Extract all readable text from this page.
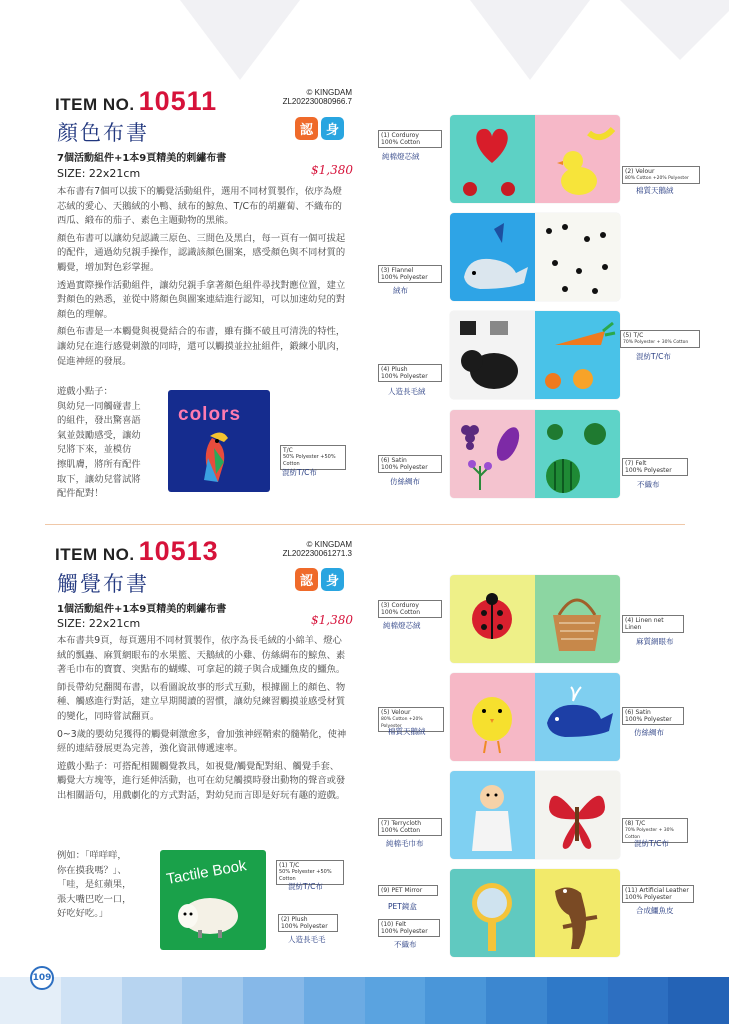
ITEM NO. 10511	© KINGDAM
ZL202230080966.7
顏色布書	認 身
7個活動組件+1本9頁精美的刺繡布書
SIZE: 22x21cm	$1,380

本布書有7個可以拔下的觸覺活動組件，選用不同材質製作，依序為燈芯絨的愛心、天鵝絨的小鴨、絨布的鯨魚、T/C布的胡蘿蔔、不織布的西瓜、緞布的茄子、素色主題動物的黑熊。

顏色布書可以讓幼兒認識三原色、三間色及黑白，每一頁有一個可拔起的配件，通過幼兒親手操作，認識該顏色圖案，感受顏色與不同材質的觸覺，增加對色彩掌握。

透過實際操作活動組件，讓幼兒親手拿著顏色組件尋找對應位置，建立對顏色的熟悉，並從中將顏色與圖案連結進行認知，可以加速幼兒的對顏色的理解。

顏色布書是一本觸覺與視覺結合的布書，雖有撕不破且可清洗的特性，讓幼兒在進行感覺刺激的同時，還可以觸摸並拉扯組件，鍛練小肌肉，促進神經的發展。

遊戲小點子：
與幼兒一同觸碰書上
的組件，發出驚喜語
氣並鼓勵感受，讓幼
兒將下來，並模仿
擦肌膚，將所有配件
取下，讓幼兒嘗試將
配件配對！
colors
T/C
50% Polyester +50% Cotton
混紡T/C布
(1) Corduroy
100% Cotton
純棉燈芯絨
(2) Velour
80% Cotton +20% Polyester
棉質天鵝絨
(3) Flannel
100% Polyester
絨布
(5) T/C
70% Polyester + 30% Cotton
混紡T/C布
(4) Plush
100% Polyester
人造長毛絨
(6) Satin
100% Polyester
仿絲綢布
(7) Felt
100% Polyester
不織布
ITEM NO. 10513	© KINGDAM
ZL202230061271.3
觸覺布書	認 身
1個活動組件+1本9頁精美的刺繡布書
SIZE: 22x21cm	$1,380

本布書共9頁，每頁選用不同材質製作，依序為長毛絨的小綿羊、燈心絨的瓢蟲、麻質網眼布的水果籃、天鵝絨的小雞、仿絲綢布的鯨魚、素著毛巾布的寶寶、突點布的蝴蝶、可拿起的鏡子與合成鱷魚皮的鱷魚。

師長帶幼兒翻閱布書，以看圖說故事的形式互動，根據圖上的顏色、物種、觸感進行對話，建立早期閱讀的習慣，讓幼兒練習觸摸並感受材質的變化，同時嘗試翻頁。

0~3歲的嬰幼兒獲得的觸覺刺激愈多，會加強神經鞘索的髓鞘化，使神經的連結發展更為完善，強化資訊傳遞速率。

遊戲小點子：可搭配相關觸覺教具，如視覺/觸覺配對組、觸覺手套、觸覺大方塊等，進行延伸活動，也可在幼兒觸摸時發出動物的聲音或發出相關語句，用戲劇化的方式對話，對幼兒而言即是好玩有趣的遊戲。

例如：「咩咩咩，
你在摸我嗎？」、
「哇，是紅蘋果，
張大嘴巴吃一口，
好吃好吃。」
Tactile Book	(1) T/C
50% Polyester +50% Cotton
混紡T/C布
(2) Plush
100% Polyester
人造長毛毛
(3) Corduroy
100% Cotton
純棉燈芯絨
(4) Linen net
Linen
麻質網眼布
(5) Velour
80% Cotton +20% Polyester
棉質天鵝絨
(6) Satin
100% Polyester
仿絲綢布
(7) Terrycloth
100% Cotton
純棉毛巾布
(8) T/C
70% Polyester + 30% Cotton
混紡T/C布
(9) PET Mirror
PET鏡盒
(10) Felt
100% Polyester
不織布
(11) Artificial Leather
100% Polyester
合成鱷魚皮
109
